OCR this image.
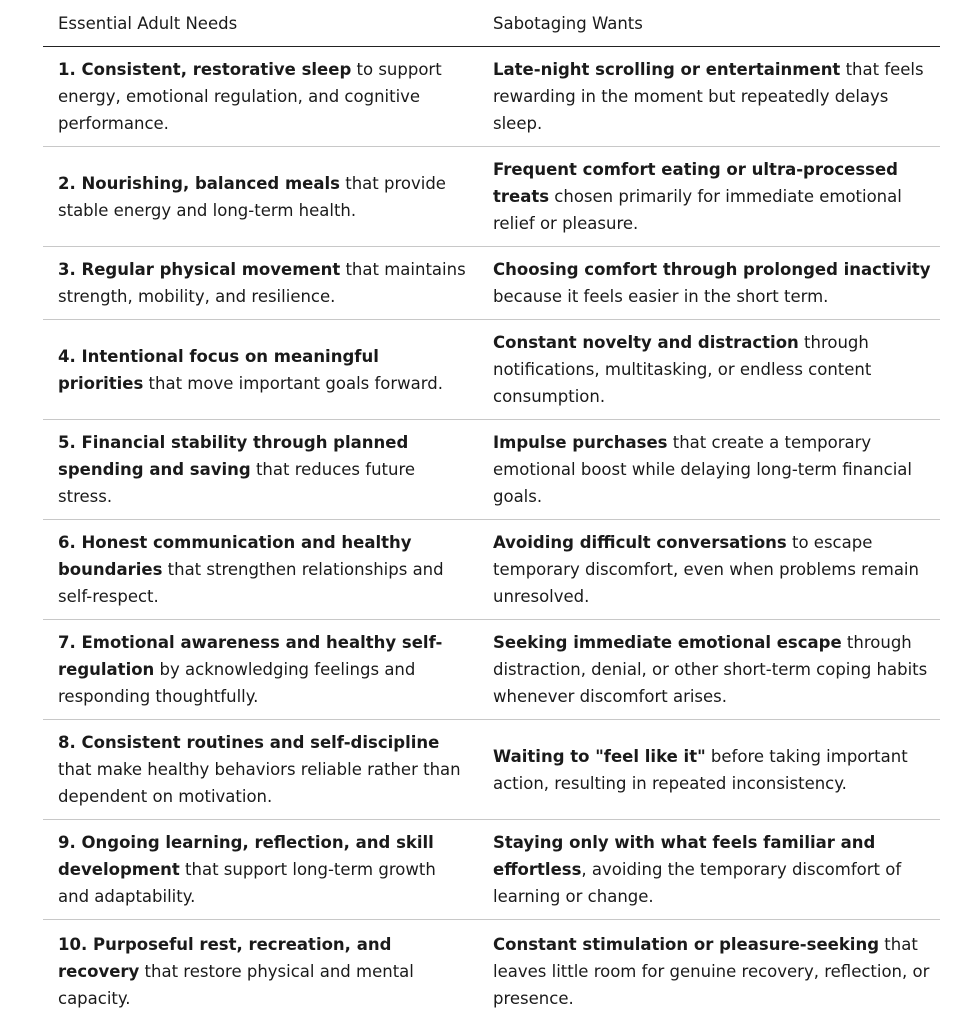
Essential Adult Needs	Sabotaging Wants
1. Consistent, restorative sleep to support energy, emotional regulation, and cognitive performance.	Late-night scrolling or entertainment that feels rewarding in the moment but repeatedly delays sleep.
2. Nourishing, balanced meals that provide stable energy and long-term health.	Frequent comfort eating or ultra-processed treats chosen primarily for immediate emotional relief or pleasure.
3. Regular physical movement that maintains strength, mobility, and resilience.	Choosing comfort through prolonged inactivity because it feels easier in the short term.
4. Intentional focus on meaningful priorities that move important goals forward.	Constant novelty and distraction through notifications, multitasking, or endless content consumption.
5. Financial stability through planned spending and saving that reduces future stress.	Impulse purchases that create a temporary emotional boost while delaying long-term financial goals.
6. Honest communication and healthy boundaries that strengthen relationships and self-respect.	Avoiding difficult conversations to escape temporary discomfort, even when problems remain unresolved.
7. Emotional awareness and healthy self-regulation by acknowledging feelings and responding thoughtfully.	Seeking immediate emotional escape through distraction, denial, or other short-term coping habits whenever discomfort arises.
8. Consistent routines and self-discipline that make healthy behaviors reliable rather than dependent on motivation.	Waiting to "feel like it" before taking important action, resulting in repeated inconsistency.
9. Ongoing learning, reflection, and skill development that support long-term growth and adaptability.	Staying only with what feels familiar and effortless, avoiding the temporary discomfort of learning or change.
10. Purposeful rest, recreation, and recovery that restore physical and mental capacity.	Constant stimulation or pleasure-seeking that leaves little room for genuine recovery, reflection, or presence.
